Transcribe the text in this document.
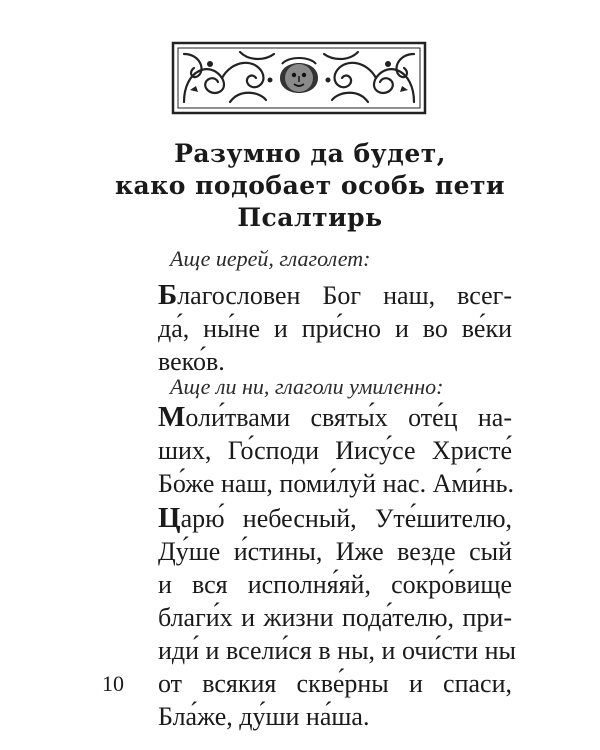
Разумно да будет,
како подобает особь пети
Псалтирь

Аще иерей, глаголет:

Благословен Бог наш, всег-
да́, ны́не и при́сно и во ве́ки
веко́в.

Аще ли ни, глаголи умиленно:

Моли́твами святы́х оте́ц на-
ших, Го́споди Иису́се Христе́
Бо́же наш, поми́луй нас. Ами́нь.
Царю́ небесный, Уте́шителю,
Ду́ше и́стины, Иже везде сый
и вся исполня́яй, сокро́вище
благи́х и жизни пода́телю, при-
иди́ и всели́ся в ны, и очи́сти ны
от всякия скве́рны и спаси,
Бла́же, ду́ши на́ша.

10
